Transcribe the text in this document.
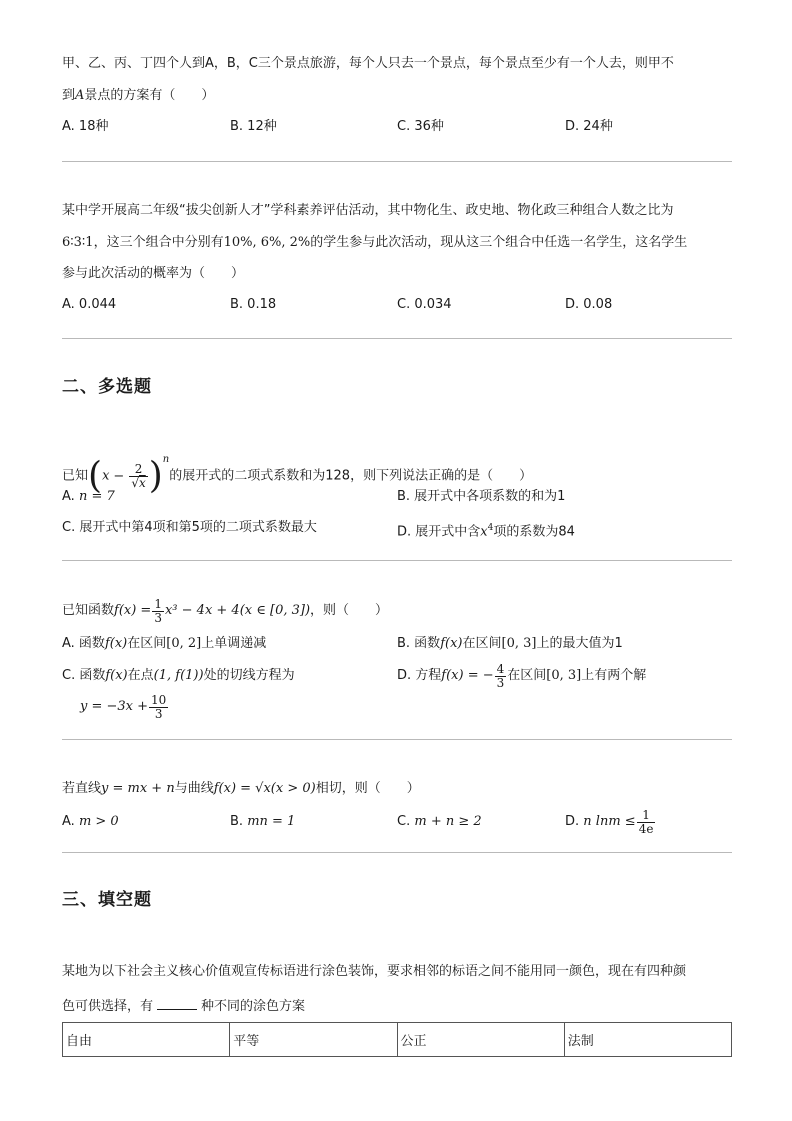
甲、乙、丙、丁四个人到A，B，C三个景点旅游，每个人只去一个景点，每个景点至少有一个人去，则甲不
到A景点的方案有（　　）
A. 18种	B. 12种	C. 36种	D. 24种
某中学开展高二年级“拔尖创新人才”学科素养评估活动，其中物化生、政史地、物化政三种组合人数之比为
6∶3∶1，这三个组合中分别有10%, 6%, 2%的学生参与此次活动，现从这三个组合中任选一名学生，这名学生
参与此次活动的概率为（　　）
A. 0.044	B. 0.18	C. 0.034	D. 0.08
二、多选题
已知$(x - \frac{2}{√x} )^n$的展开式的二项式系数和为128，则下列说法正确的是（　　）
A. n = 7	B. 展开式中各项系数的和为1
C. 展开式中第4项和第5项的二项式系数最大	D. 展开式中含$x^4$项的系数为84
已知函数$f(x) = \frac{1}{3} x^3 - 4x + 4(x$ ∈ [0, 3])，则（　　）
A. 函数f(x)在区间[0, 2]上单调递减	B. 函数f(x)在区间[0, 3]上的最大值为1
C. 函数f(x)在点(1, f(1))处的切线方程为
$y = -3x + \frac{10}{3}$
D. 方程f(x) = − $\frac{4}{3}$ 在区间[0, 3]上有两个解
若直线y = mx + n与曲线f(x) = √x(x > 0)相切，则（　　）
A. m > 0	B. mn = 1	C. m + n ≥ 2	D. n $\ln m \le \frac{1}{4e}$
三、填空题
某地为以下社会主义核心价值观宣传标语进行涂色装饰，要求相邻的标语之间不能用同一颜色，现在有四种颜
色可供选择，有	种不同的涂色方案
自由	平等	公正	法制
